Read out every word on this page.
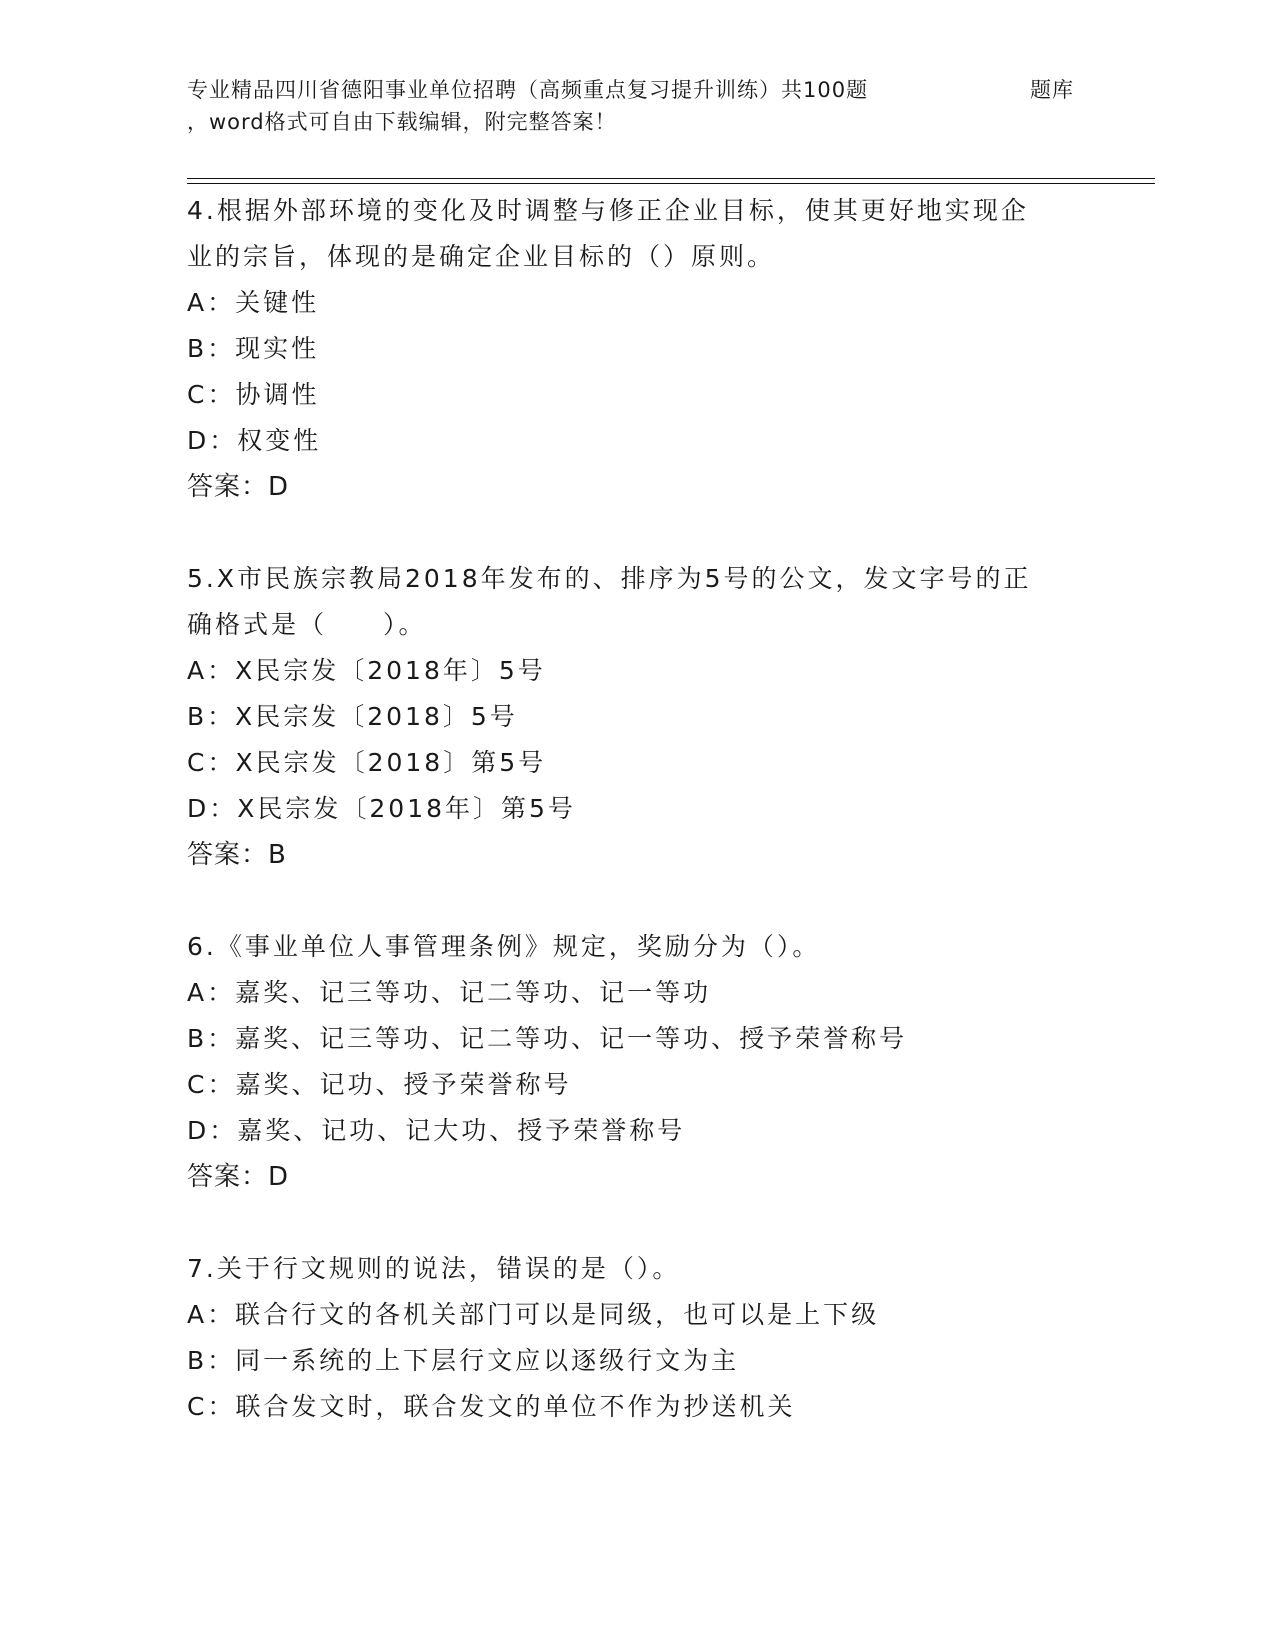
专业精品四川省德阳事业单位招聘（高频重点复习提升训练）共100题	题库
，word格式可自由下载编辑，附完整答案！
4.根据外部环境的变化及时调整与修正企业目标，使其更好地实现企
业的宗旨，体现的是确定企业目标的（）原则。
A：关键性
B：现实性
C：协调性
D：权变性
答案：D
5.X市民族宗教局2018年发布的、排序为5号的公文，发文字号的正
确格式是（　　）。
A：X民宗发〔2018年〕5号
B：X民宗发〔2018〕5号
C：X民宗发〔2018〕第5号
D：X民宗发〔2018年〕第5号
答案：B
6.《事业单位人事管理条例》规定，奖励分为（）。
A：嘉奖、记三等功、记二等功、记一等功
B：嘉奖、记三等功、记二等功、记一等功、授予荣誉称号
C：嘉奖、记功、授予荣誉称号
D：嘉奖、记功、记大功、授予荣誉称号
答案：D
7.关于行文规则的说法，错误的是（）。
A：联合行文的各机关部门可以是同级，也可以是上下级
B：同一系统的上下层行文应以逐级行文为主
C：联合发文时，联合发文的单位不作为抄送机关
